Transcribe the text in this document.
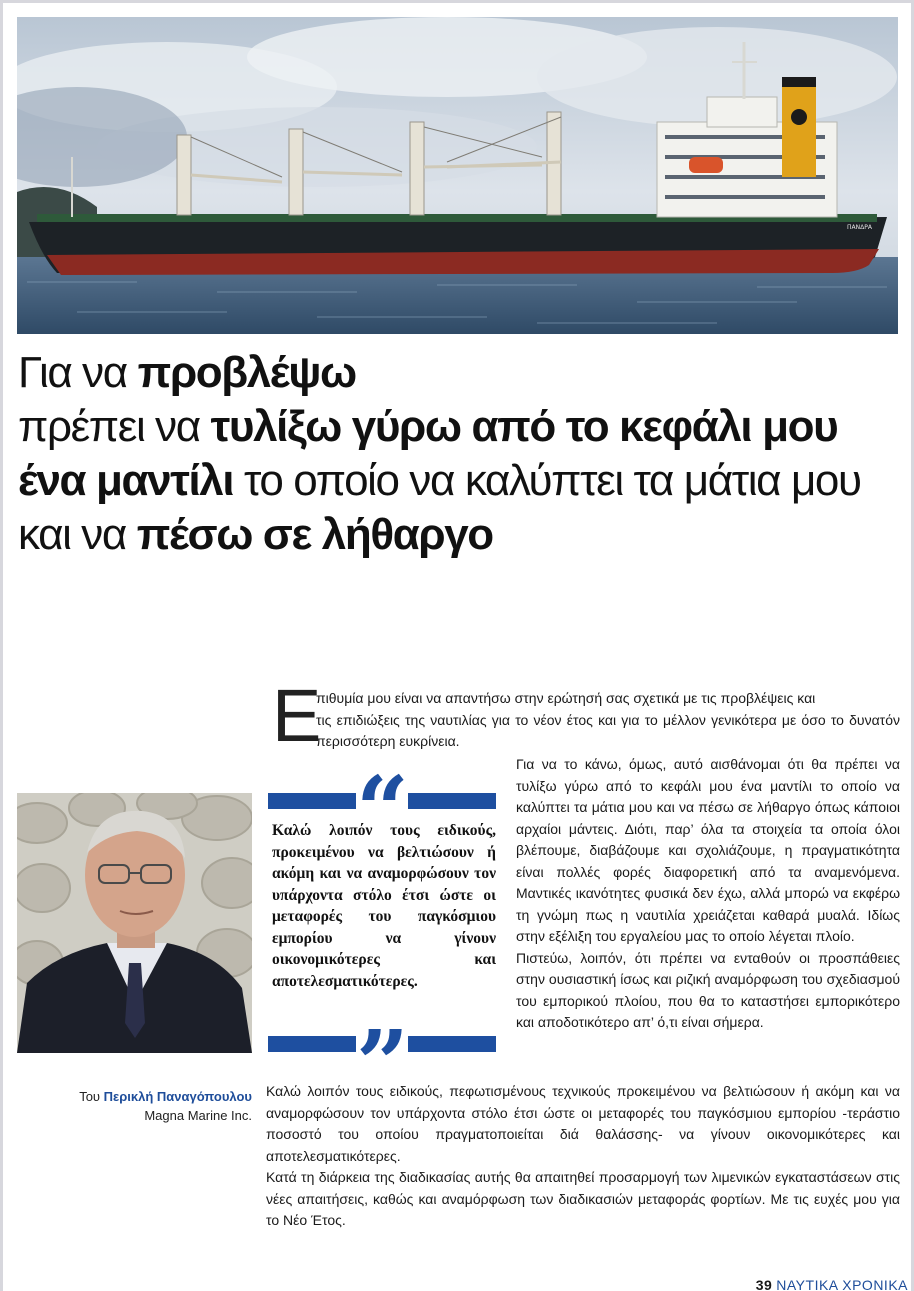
ΠΑΝΔΡΑ
Για να προβλέψω
πρέπει να τυλίξω γύρω από το κεφάλι μου
ένα μαντίλι το οποίο να καλύπτει τα μάτια μου
και να πέσω σε λήθαργο
Του Περικλή Παναγόπουλου
Magna Marine Inc.
Ε
πιθυμία μου είναι να απαντήσω στην ερώτησή σας σχετικά με τις προβλέψεις και
τις επιδιώξεις της ναυτιλίας για το νέον έτος και για το μέλλον γενικότερα με όσο το δυνατόν περισσότερη ευκρίνεια.
“
Καλώ λοιπόν τους ειδικούς, προκειμένου να βελτιώσουν ή ακόμη και να αναμορφώσουν τον υπάρχοντα στόλο έτσι ώστε οι μεταφορές του παγκόσμιου εμπορίου να γίνουν οικονομικότερες και αποτελεσματικότερες.
”

Για να το κάνω, όμως, αυτό αισθάνομαι ότι θα πρέπει να τυλίξω γύρω από το κεφάλι μου ένα μαντίλι το οποίο να καλύπτει τα μάτια μου και να πέσω σε λήθαργο όπως κάποιοι αρχαίοι μάντεις. Διότι, παρ’ όλα τα στοιχεία τα οποία όλοι βλέπουμε, διαβάζουμε και σχολιάζουμε, η πραγματικότητα είναι πολλές φορές διαφορετική από τα αναμενόμενα. Μαντικές ικανότητες φυσικά δεν έχω, αλλά μπορώ να εκφέρω τη γνώμη πως η ναυτιλία χρειάζεται καθαρά μυαλά. Ιδίως στην εξέλιξη του εργαλείου μας το οποίο λέγεται πλοίο.

Πιστεύω, λοιπόν, ότι πρέπει να ενταθούν οι προσπάθειες στην ουσιαστική ίσως και ριζική αναμόρφωση του σχεδιασμού του εμπορικού πλοίου, που θα το καταστήσει εμπορικότερο και αποδοτικότερο απ’ ό,τι είναι σήμερα.

Καλώ λοιπόν τους ειδικούς, πεφωτισμένους τεχνικούς προκειμένου να βελτιώσουν ή ακόμη και να αναμορφώσουν τον υπάρχοντα στόλο έτσι ώστε οι μεταφορές του παγκόσμιου εμπορίου -τεράστιο ποσοστό του οποίου πραγματοποιείται διά θαλάσσης- να γίνουν οικονομικότερες και αποτελεσματικότερες.

Κατά τη διάρκεια της διαδικασίας αυτής θα απαιτηθεί προσαρμογή των λιμενικών εγκαταστάσεων στις νέες απαιτήσεις, καθώς και αναμόρφωση των διαδικασιών μεταφοράς φορτίων. Με τις ευχές μου για το Νέο Έτος.

39 ΝΑΥΤΙΚΑ ΧΡΟΝΙΚΑ
